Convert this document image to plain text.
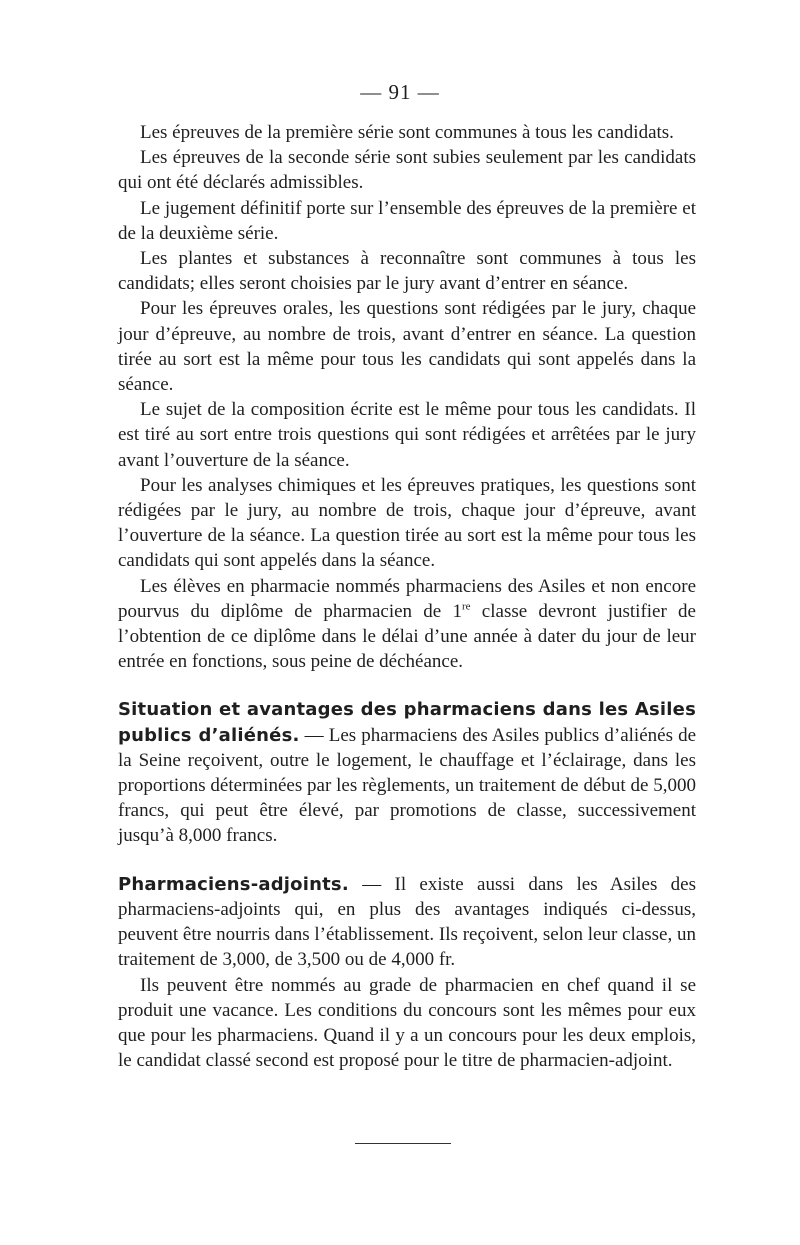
— 91 —

Les épreuves de la première série sont communes à tous les candidats.

Les épreuves de la seconde série sont subies seulement par les candidats qui ont été déclarés admissibles.

Le jugement définitif porte sur l’ensemble des épreuves de la première et de la deuxième série.

Les plantes et substances à reconnaître sont communes à tous les candidats; elles seront choisies par le jury avant d’entrer en séance.

Pour les épreuves orales, les questions sont rédigées par le jury, chaque jour d’épreuve, au nombre de trois, avant d’entrer en séance. La question tirée au sort est la même pour tous les candidats qui sont appelés dans la séance.

Le sujet de la composition écrite est le même pour tous les candidats. Il est tiré au sort entre trois questions qui sont rédigées et arrêtées par le jury avant l’ouverture de la séance.

Pour les analyses chimiques et les épreuves pratiques, les questions sont rédigées par le jury, au nombre de trois, chaque jour d’épreuve, avant l’ouverture de la séance. La question tirée au sort est la même pour tous les candidats qui sont appelés dans la séance.

Les élèves en pharmacie nommés pharmaciens des Asiles et non encore pourvus du diplôme de pharmacien de 1re classe devront justifier de l’obtention de ce diplôme dans le délai d’une année à dater du jour de leur entrée en fonctions, sous peine de déchéance.

Situation et avantages des pharmaciens dans les Asiles publics d’aliénés. — Les pharmaciens des Asiles publics d’aliénés de la Seine reçoivent, outre le logement, le chauffage et l’éclairage, dans les proportions déterminées par les règlements, un traitement de début de 5,000 francs, qui peut être élevé, par promotions de classe, successivement jusqu’à 8,000 francs.

Pharmaciens-adjoints. — Il existe aussi dans les Asiles des pharmaciens-adjoints qui, en plus des avantages indiqués ci-dessus, peuvent être nourris dans l’établissement. Ils reçoivent, selon leur classe, un traitement de 3,000, de 3,500 ou de 4,000 fr.

Ils peuvent être nommés au grade de pharmacien en chef quand il se produit une vacance. Les conditions du concours sont les mêmes pour eux que pour les pharmaciens. Quand il y a un concours pour les deux emplois, le candidat classé second est proposé pour le titre de pharmacien-adjoint.
